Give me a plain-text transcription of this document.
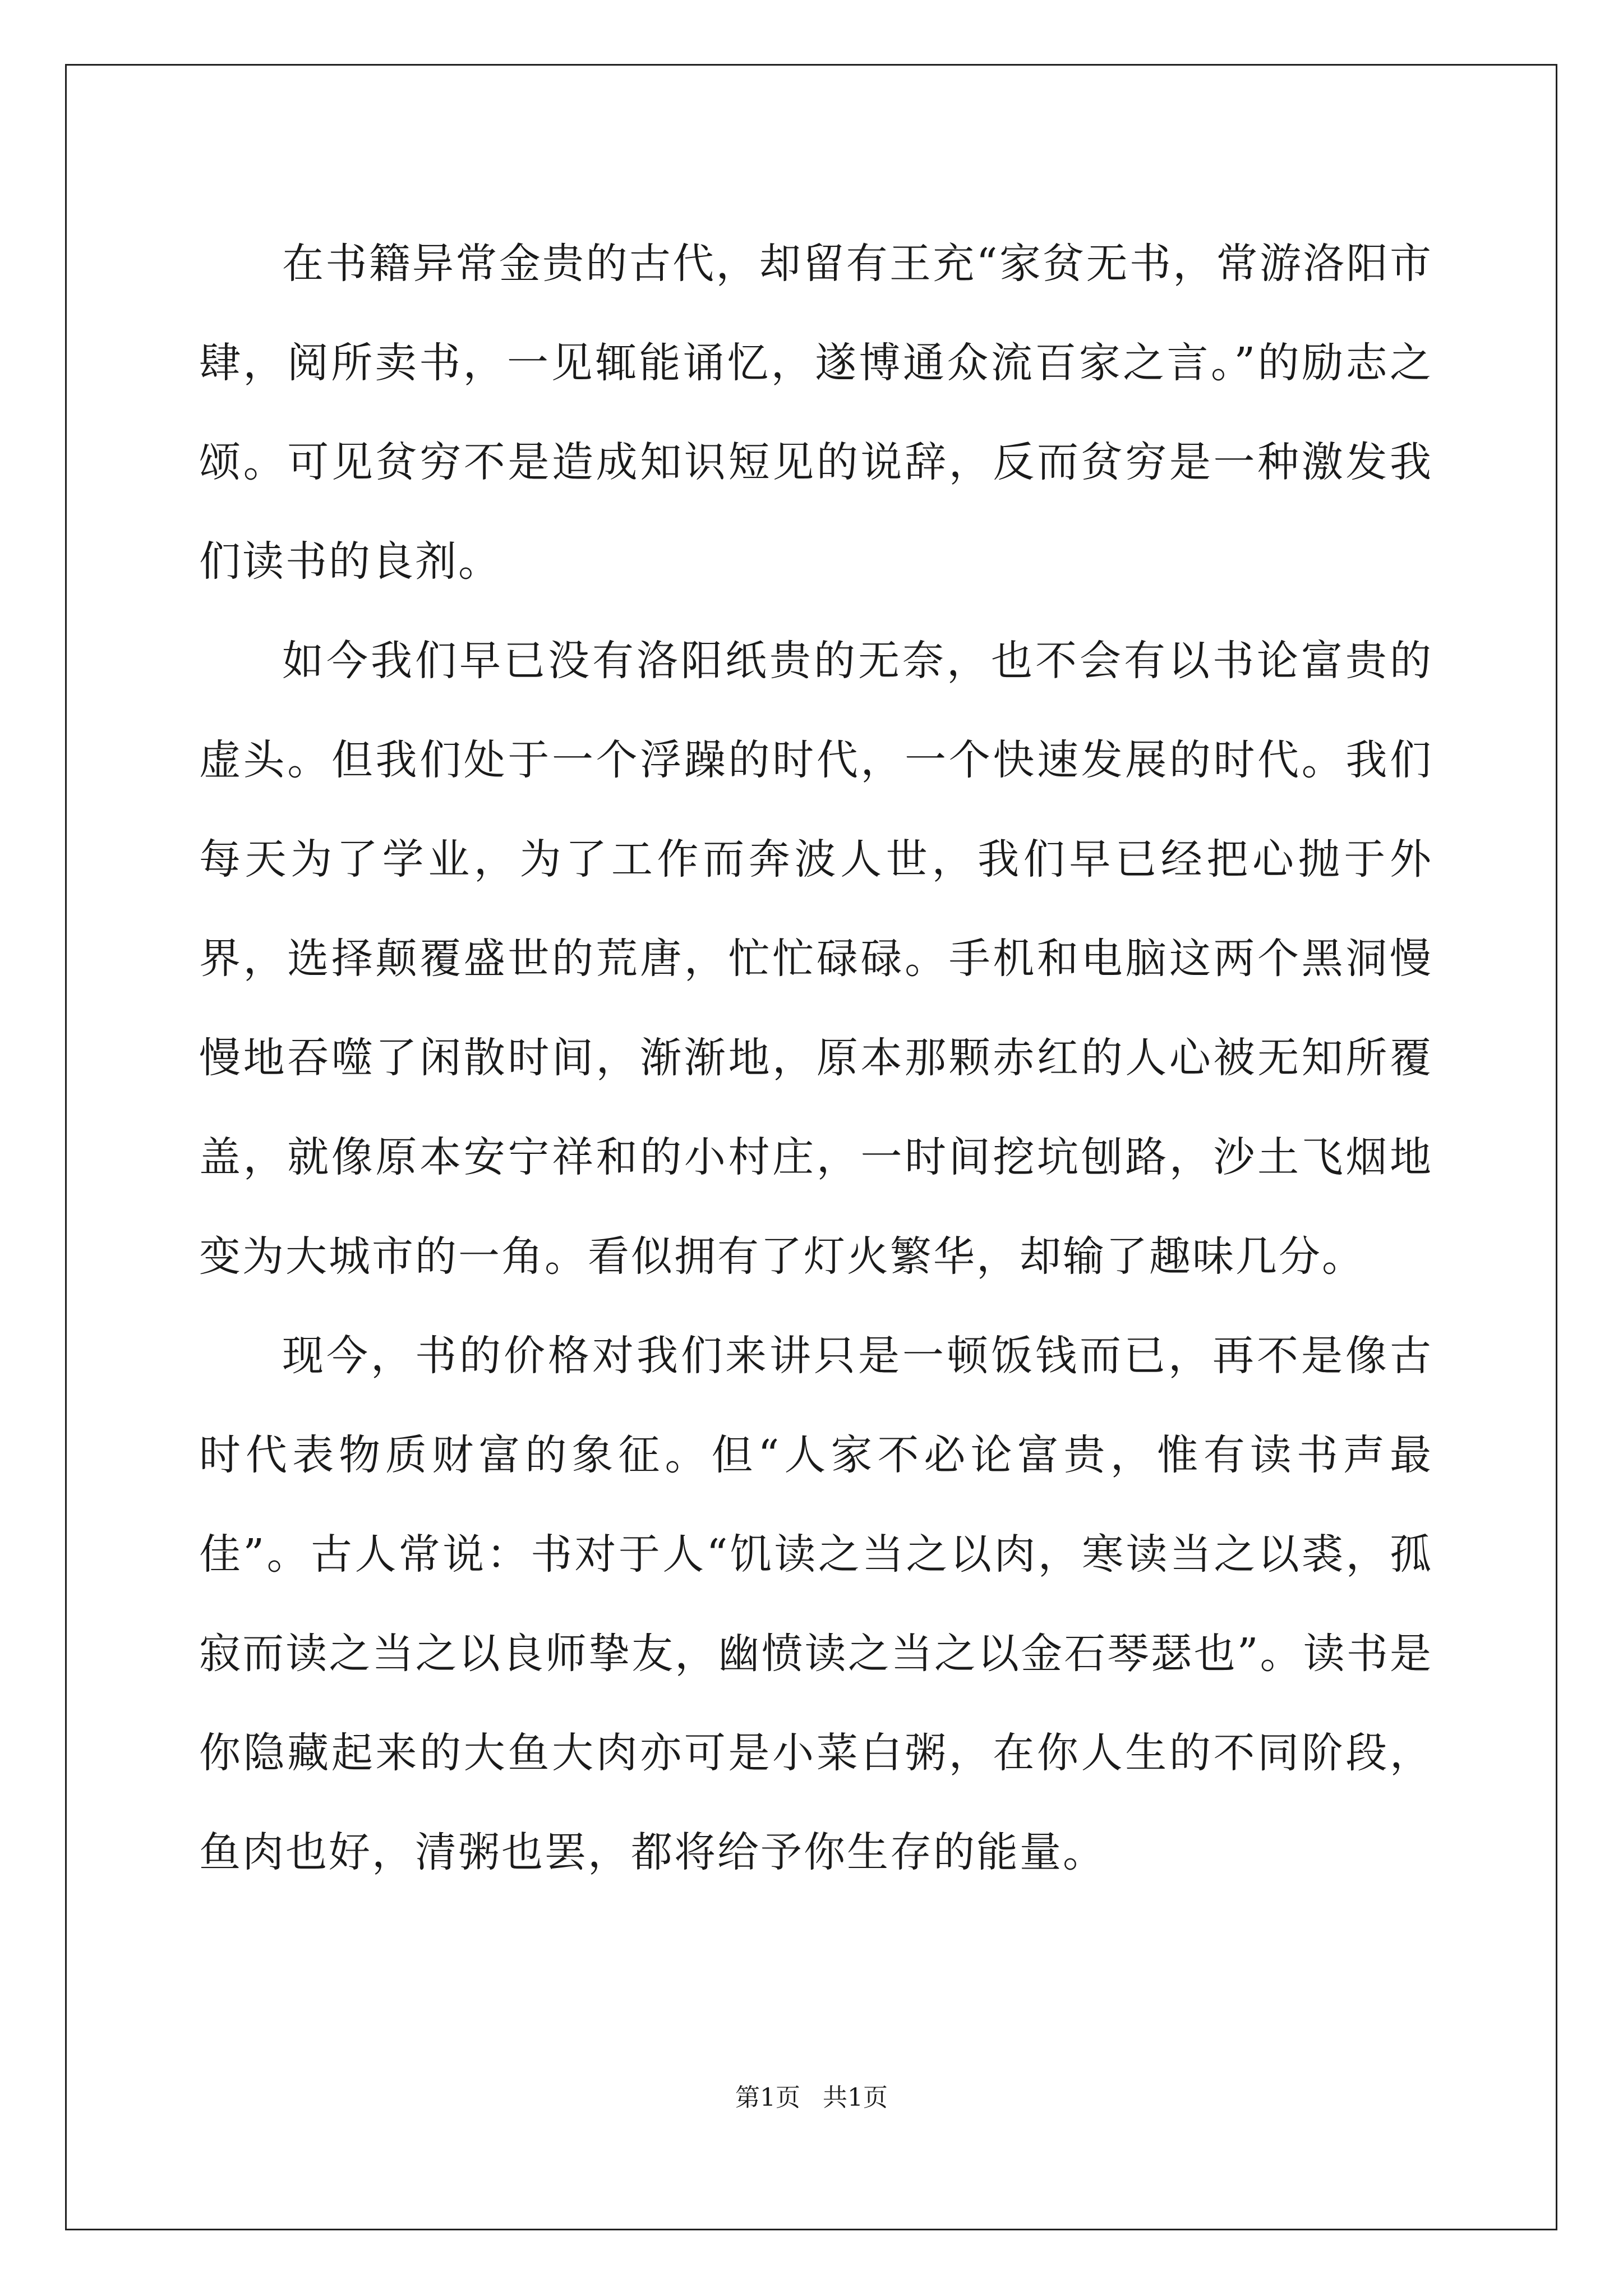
在书籍异常金贵的古代，却留有王充“家贫无书，常游洛阳市肆，阅所卖书，一见辄能诵忆，遂博通众流百家之言。”的励志之颂。可见贫穷不是造成知识短见的说辞，反而贫穷是一种激发我们读书的良剂。

如今我们早已没有洛阳纸贵的无奈，也不会有以书论富贵的虚头。但我们处于一个浮躁的时代，一个快速发展的时代。我们每天为了学业，为了工作而奔波人世，我们早已经把心抛于外界，选择颠覆盛世的荒唐，忙忙碌碌。手机和电脑这两个黑洞慢慢地吞噬了闲散时间，渐渐地，原本那颗赤红的人心被无知所覆盖，就像原本安宁祥和的小村庄，一时间挖坑刨路，沙土飞烟地变为大城市的一角。看似拥有了灯火繁华，却输了趣味几分。

现今，书的价格对我们来讲只是一顿饭钱而已，再不是像古时代表物质财富的象征。但“人家不必论富贵，惟有读书声最佳”。古人常说：书对于人“饥读之当之以肉，寒读当之以裘，孤寂而读之当之以良师挚友，幽愤读之当之以金石琴瑟也”。读书是你隐藏起来的大鱼大肉亦可是小菜白粥，在你人生的不同阶段，鱼肉也好，清粥也罢，都将给予你生存的能量。

第1页 共1页
